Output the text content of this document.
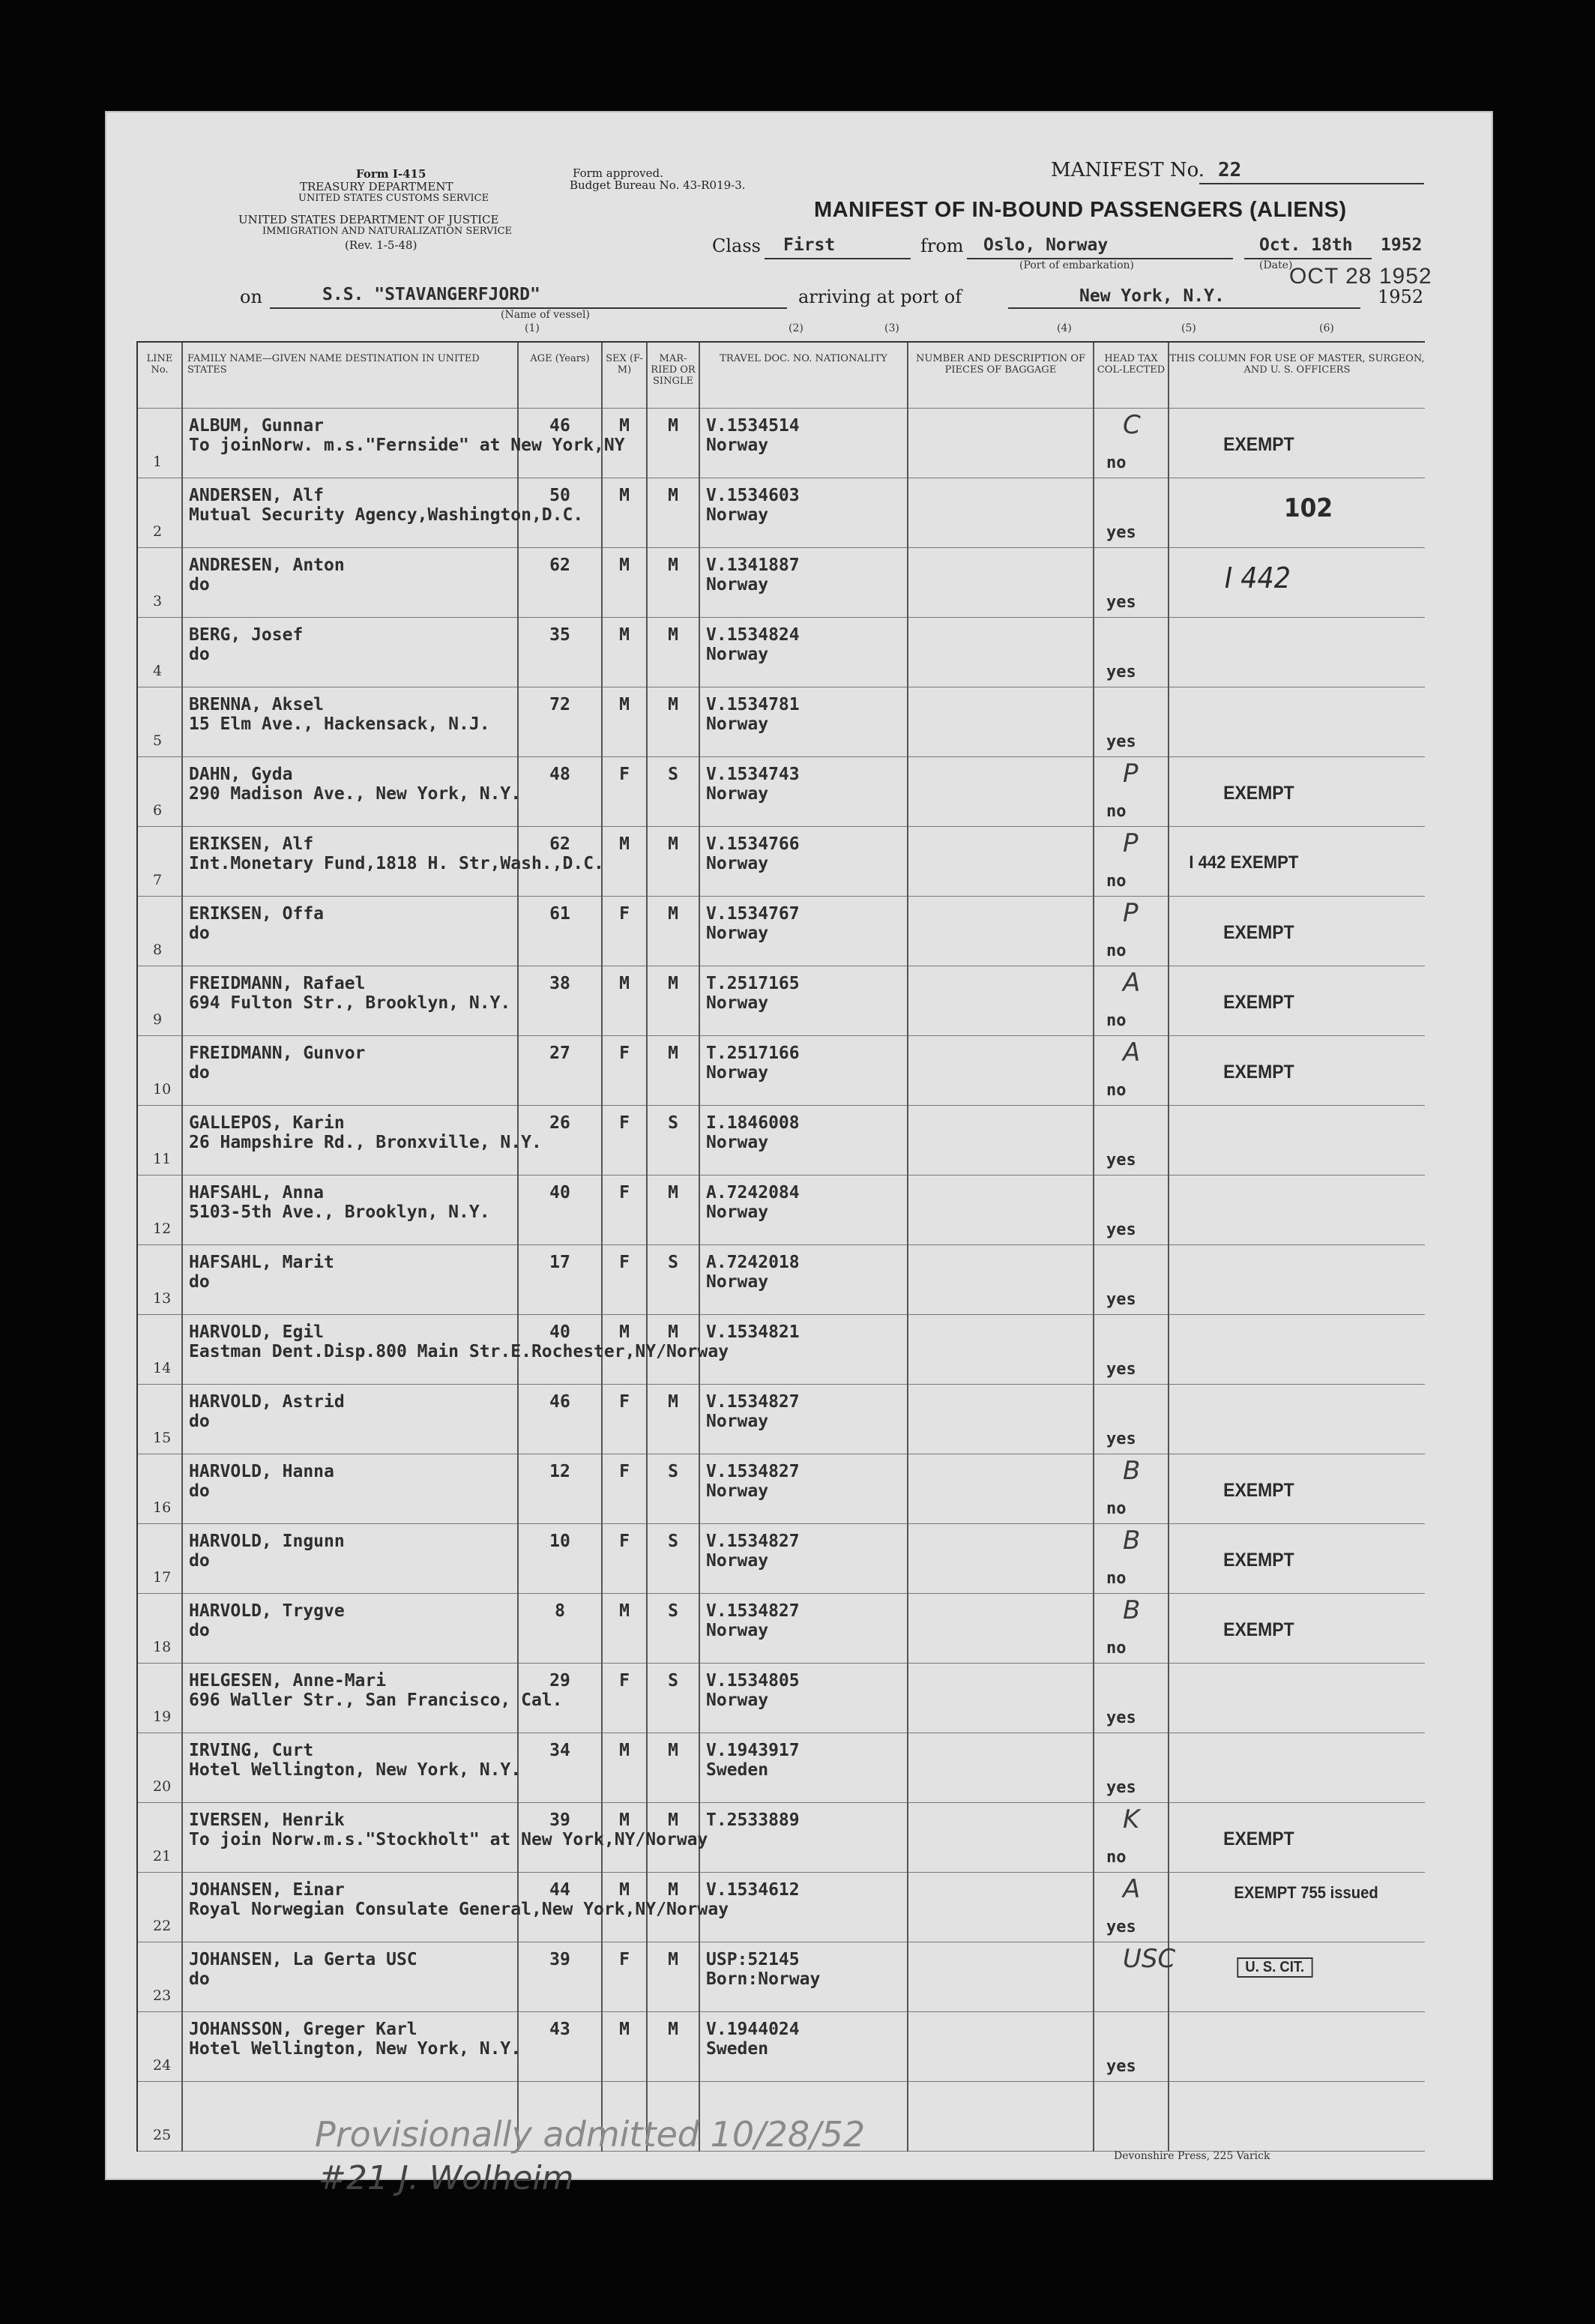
Form I-415
TREASURY DEPARTMENT
UNITED STATES CUSTOMS SERVICE
UNITED STATES DEPARTMENT OF JUSTICE
IMMIGRATION AND NATURALIZATION SERVICE
(Rev. 1-5-48)
Form approved.
Budget Bureau No. 43-R019-3.
MANIFEST No. 22
MANIFEST OF IN-BOUND PASSENGERS (ALIENS)
Class First	from Oslo, Norway	Oct. 18th 1952
(Port of embarkation)	(Date)
OCT 28 1952
on	S.S. "STAVANGERFJORD"
(Name of vessel)
arriving at port of	New York, N.Y.	1952
(1)	(2)	(3)	(4)	(5)	(6)
LINE No.	FAMILY NAME—GIVEN NAME DESTINATION IN UNITED STATES	AGE (Years)	SEX (F-M)	MAR-RIED OR SINGLE	TRAVEL DOC. NO. NATIONALITY	NUMBER AND DESCRIPTION OF PIECES OF BAGGAGE	HEAD TAX COL-LECTED	THIS COLUMN FOR USE OF MASTER, SURGEON, AND U. S. OFFICERS

1	ALBUM, Gunnar
To joinNorw. m.s."Fernside" at New York,NY	46	M	M	V.1534514
Norway		C
no	EXEMPT

2	ANDERSEN, Alf
Mutual Security Agency,Washington,D.C.	50	M	M	V.1534603
Norway		yes	102

3	ANDRESEN, Anton
do	62	M	M	V.1341887
Norway		yes	I 442

4	BERG, Josef
do	35	M	M	V.1534824
Norway		yes	

5	BRENNA, Aksel
15 Elm Ave., Hackensack, N.J.	72	M	M	V.1534781
Norway		yes	

6	DAHN, Gyda
290 Madison Ave., New York, N.Y.	48	F	S	V.1534743
Norway		P
no	EXEMPT

7	ERIKSEN, Alf
Int.Monetary Fund,1818 H. Str,Wash.,D.C.	62	M	M	V.1534766
Norway		P
no	I 442 EXEMPT

8	ERIKSEN, Offa
do	61	F	M	V.1534767
Norway		P
no	EXEMPT

9	FREIDMANN, Rafael
694 Fulton Str., Brooklyn, N.Y.	38	M	M	T.2517165
Norway		A
no	EXEMPT

10	FREIDMANN, Gunvor
do	27	F	M	T.2517166
Norway		A
no	EXEMPT

11	GALLEPOS, Karin
26 Hampshire Rd., Bronxville, N.Y.	26	F	S	I.1846008
Norway		yes	

12	HAFSAHL, Anna
5103-5th Ave., Brooklyn, N.Y.	40	F	M	A.7242084
Norway		yes	

13	HAFSAHL, Marit
do	17	F	S	A.7242018
Norway		yes	

14	HARVOLD, Egil
Eastman Dent.Disp.800 Main Str.E.Rochester,NY/Norway	40	M	M	V.1534821		yes	

15	HARVOLD, Astrid
do	46	F	M	V.1534827
Norway		yes	

16	HARVOLD, Hanna
do	12	F	S	V.1534827
Norway		B
no	EXEMPT

17	HARVOLD, Ingunn
do	10	F	S	V.1534827
Norway		B
no	EXEMPT

18	HARVOLD, Trygve
do	8	M	S	V.1534827
Norway		B
no	EXEMPT

19	HELGESEN, Anne-Mari
696 Waller Str., San Francisco, Cal.	29	F	S	V.1534805
Norway		yes	

20	IRVING, Curt
Hotel Wellington, New York, N.Y.	34	M	M	V.1943917
Sweden		yes	

21	IVERSEN, Henrik
To join Norw.m.s."Stockholt" at New York,NY/Norway	39	M	M	T.2533889		K
no	EXEMPT

22	JOHANSEN, Einar
Royal Norwegian Consulate General,New York,NY/Norway	44	M	M	V.1534612		A
yes	EXEMPT 755 issued

23	JOHANSEN, La Gerta USC
do	39	F	M	USP:52145
Born:Norway		USC	U. S. CIT.

24	JOHANSSON, Greger Karl
Hotel Wellington, New York, N.Y.	43	M	M	V.1944024
Sweden		yes	

25								

		Provisionally admitted 10/28/52
#21 J. Wolheim
Devonshire Press, 225 Varick
